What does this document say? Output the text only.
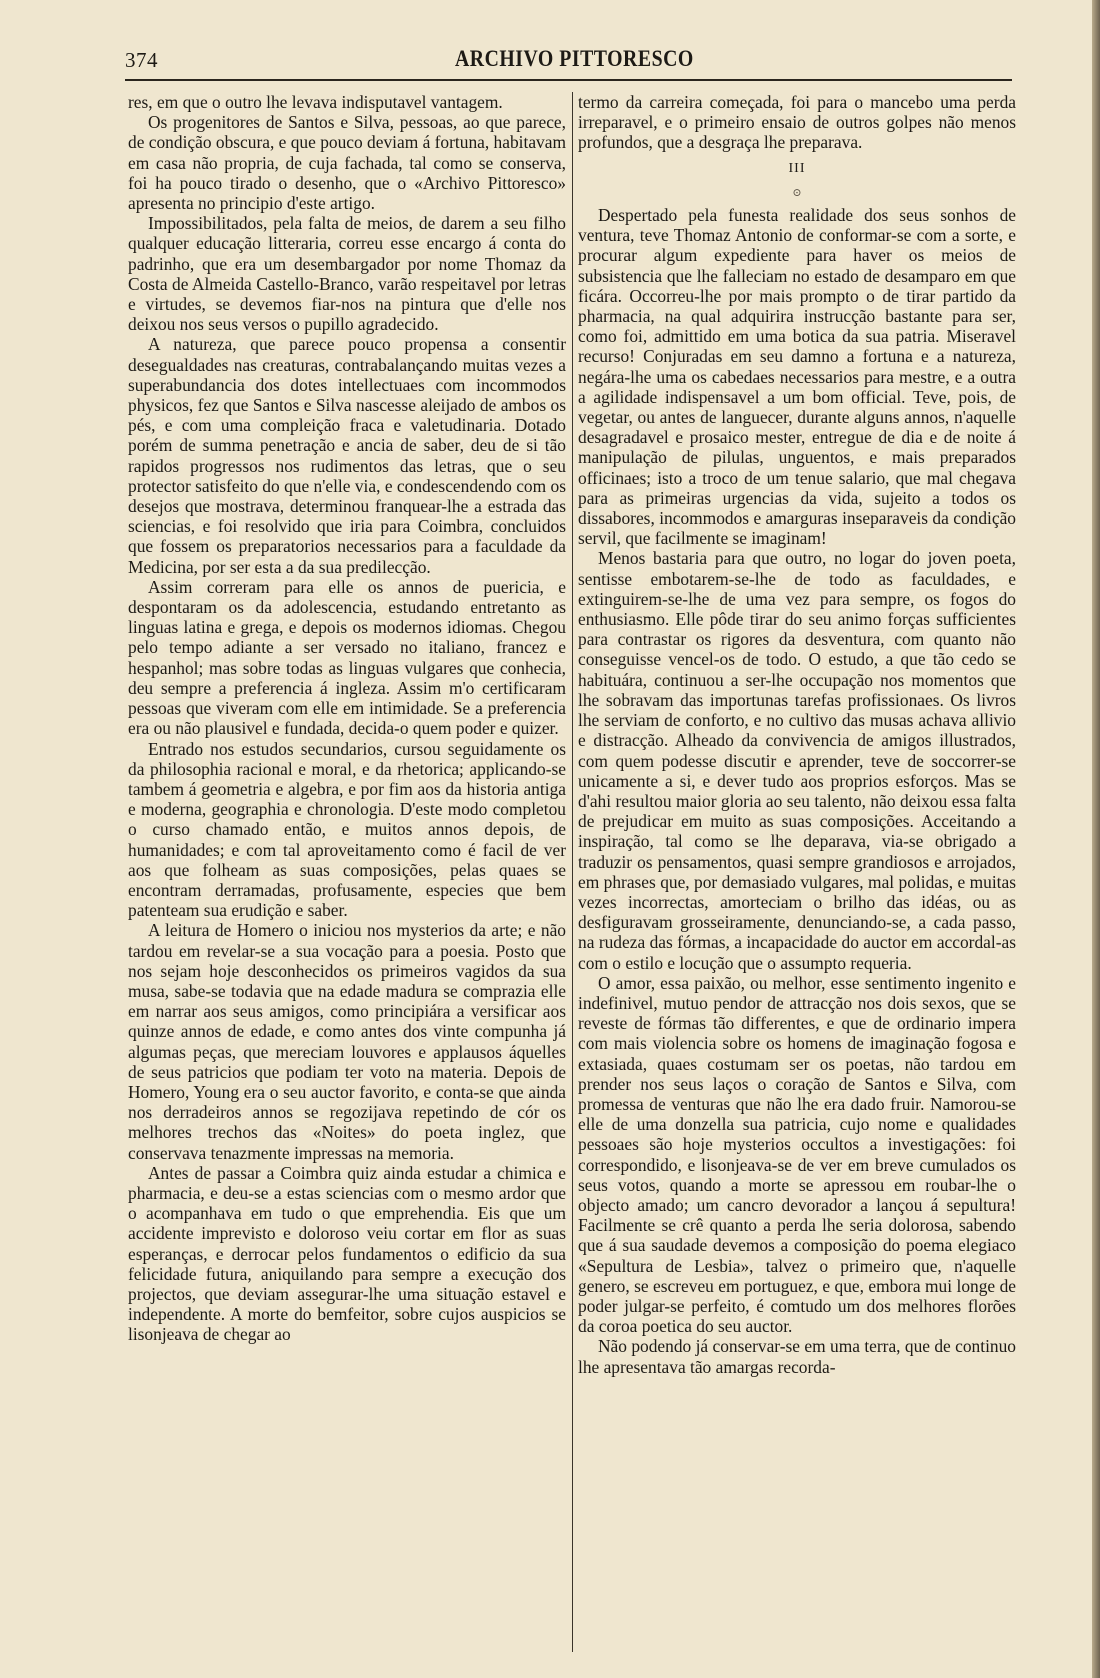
374	ARCHIVO PITTORESCO

res, em que o outro lhe levava indisputavel vantagem.

Os progenitores de Santos e Silva, pessoas, ao que parece, de condição obscura, e que pouco deviam á fortuna, habitavam em casa não propria, de cuja fachada, tal como se conserva, foi ha pouco tirado o desenho, que o «Archivo Pittoresco» apresenta no principio d'este artigo.

Impossibilitados, pela falta de meios, de darem a seu filho qualquer educação litteraria, correu esse encargo á conta do padrinho, que era um desembargador por nome Thomaz da Costa de Almeida Castello-Branco, varão respeitavel por letras e virtudes, se devemos fiar-nos na pintura que d'elle nos deixou nos seus versos o pupillo agradecido.

A natureza, que parece pouco propensa a consentir desegualdades nas creaturas, contrabalançando muitas vezes a superabundancia dos dotes intellectuaes com incommodos physicos, fez que Santos e Silva nascesse aleijado de ambos os pés, e com uma compleição fraca e valetudinaria. Dotado porém de summa penetração e ancia de saber, deu de si tão rapidos progressos nos rudimentos das letras, que o seu protector satisfeito do que n'elle via, e condescendendo com os desejos que mostrava, determinou franquear-lhe a estrada das sciencias, e foi resolvido que iria para Coimbra, concluidos que fossem os preparatorios necessarios para a faculdade da Medicina, por ser esta a da sua predilecção.

Assim correram para elle os annos de puericia, e despontaram os da adolescencia, estudando entretanto as linguas latina e grega, e depois os modernos idiomas. Chegou pelo tempo adiante a ser versado no italiano, francez e hespanhol; mas sobre todas as linguas vulgares que conhecia, deu sempre a preferencia á ingleza. Assim m'o certificaram pessoas que viveram com elle em intimidade. Se a preferencia era ou não plausivel e fundada, decida-o quem poder e quizer.

Entrado nos estudos secundarios, cursou seguidamente os da philosophia racional e moral, e da rhetorica; applicando-se tambem á geometria e algebra, e por fim aos da historia antiga e moderna, geographia e chronologia. D'este modo completou o curso chamado então, e muitos annos depois, de humanidades; e com tal aproveitamento como é facil de ver aos que folheam as suas composições, pelas quaes se encontram derramadas, profusamente, especies que bem patenteam sua erudição e saber.

A leitura de Homero o iniciou nos mysterios da arte; e não tardou em revelar-se a sua vocação para a poesia. Posto que nos sejam hoje desconhecidos os primeiros vagidos da sua musa, sabe-se todavia que na edade madura se comprazia elle em narrar aos seus amigos, como principiára a versificar aos quinze annos de edade, e como antes dos vinte compunha já algumas peças, que mereciam louvores e applausos áquelles de seus patricios que podiam ter voto na materia. Depois de Homero, Young era o seu auctor favorito, e conta-se que ainda nos derradeiros annos se regozijava repetindo de cór os melhores trechos das «Noites» do poeta inglez, que conservava tenazmente impressas na memoria.

Antes de passar a Coimbra quiz ainda estudar a chimica e pharmacia, e deu-se a estas sciencias com o mesmo ardor que o acompanhava em tudo o que emprehendia. Eis que um accidente imprevisto e doloroso veiu cortar em flor as suas esperanças, e derrocar pelos fundamentos o edificio da sua felicidade futura, aniquilando para sempre a execução dos projectos, que deviam assegurar-lhe uma situação estavel e independente. A morte do bemfeitor, sobre cujos auspicios se lisonjeava de chegar ao

termo da carreira começada, foi para o mancebo uma perda irreparavel, e o primeiro ensaio de outros golpes não menos profundos, que a desgraça lhe preparava.

III
⊙

Despertado pela funesta realidade dos seus sonhos de ventura, teve Thomaz Antonio de conformar-se com a sorte, e procurar algum expediente para haver os meios de subsistencia que lhe falleciam no estado de desamparo em que ficára. Occorreu-lhe por mais prompto o de tirar partido da pharmacia, na qual adquirira instrucção bastante para ser, como foi, admittido em uma botica da sua patria. Miseravel recurso! Conjuradas em seu damno a fortuna e a natureza, negára-lhe uma os cabedaes necessarios para mestre, e a outra a agilidade indispensavel a um bom official. Teve, pois, de vegetar, ou antes de languecer, durante alguns annos, n'aquelle desagradavel e prosaico mester, entregue de dia e de noite á manipulação de pilulas, unguentos, e mais preparados officinaes; isto a troco de um tenue salario, que mal chegava para as primeiras urgencias da vida, sujeito a todos os dissabores, incommodos e amarguras inseparaveis da condição servil, que facilmente se imaginam!

Menos bastaria para que outro, no logar do joven poeta, sentisse embotarem-se-lhe de todo as faculdades, e extinguirem-se-lhe de uma vez para sempre, os fogos do enthusiasmo. Elle pôde tirar do seu animo forças sufficientes para contrastar os rigores da desventura, com quanto não conseguisse vencel-os de todo. O estudo, a que tão cedo se habituára, continuou a ser-lhe occupação nos momentos que lhe sobravam das importunas tarefas profissionaes. Os livros lhe serviam de conforto, e no cultivo das musas achava allivio e distracção. Alheado da convivencia de amigos illustrados, com quem podesse discutir e aprender, teve de soccorrer-se unicamente a si, e dever tudo aos proprios esforços. Mas se d'ahi resultou maior gloria ao seu talento, não deixou essa falta de prejudicar em muito as suas composições. Acceitando a inspiração, tal como se lhe deparava, via-se obrigado a traduzir os pensamentos, quasi sempre grandiosos e arrojados, em phrases que, por demasiado vulgares, mal polidas, e muitas vezes incorrectas, amorteciam o brilho das idéas, ou as desfiguravam grosseiramente, denunciando-se, a cada passo, na rudeza das fórmas, a incapacidade do auctor em accordal-as com o estilo e locução que o assumpto requeria.

O amor, essa paixão, ou melhor, esse sentimento ingenito e indefinivel, mutuo pendor de attracção nos dois sexos, que se reveste de fórmas tão differentes, e que de ordinario impera com mais violencia sobre os homens de imaginação fogosa e extasiada, quaes costumam ser os poetas, não tardou em prender nos seus laços o coração de Santos e Silva, com promessa de venturas que não lhe era dado fruir. Namorou-se elle de uma donzella sua patricia, cujo nome e qualidades pessoaes são hoje mysterios occultos a investigações: foi correspondido, e lisonjeava-se de ver em breve cumulados os seus votos, quando a morte se apressou em roubar-lhe o objecto amado; um cancro devorador a lançou á sepultura! Facilmente se crê quanto a perda lhe seria dolorosa, sabendo que á sua saudade devemos a composição do poema elegiaco «Sepultura de Lesbia», talvez o primeiro que, n'aquelle genero, se escreveu em portuguez, e que, embora mui longe de poder julgar-se perfeito, é comtudo um dos melhores florões da coroa poetica do seu auctor.

Não podendo já conservar-se em uma terra, que de continuo lhe apresentava tão amargas recorda-
